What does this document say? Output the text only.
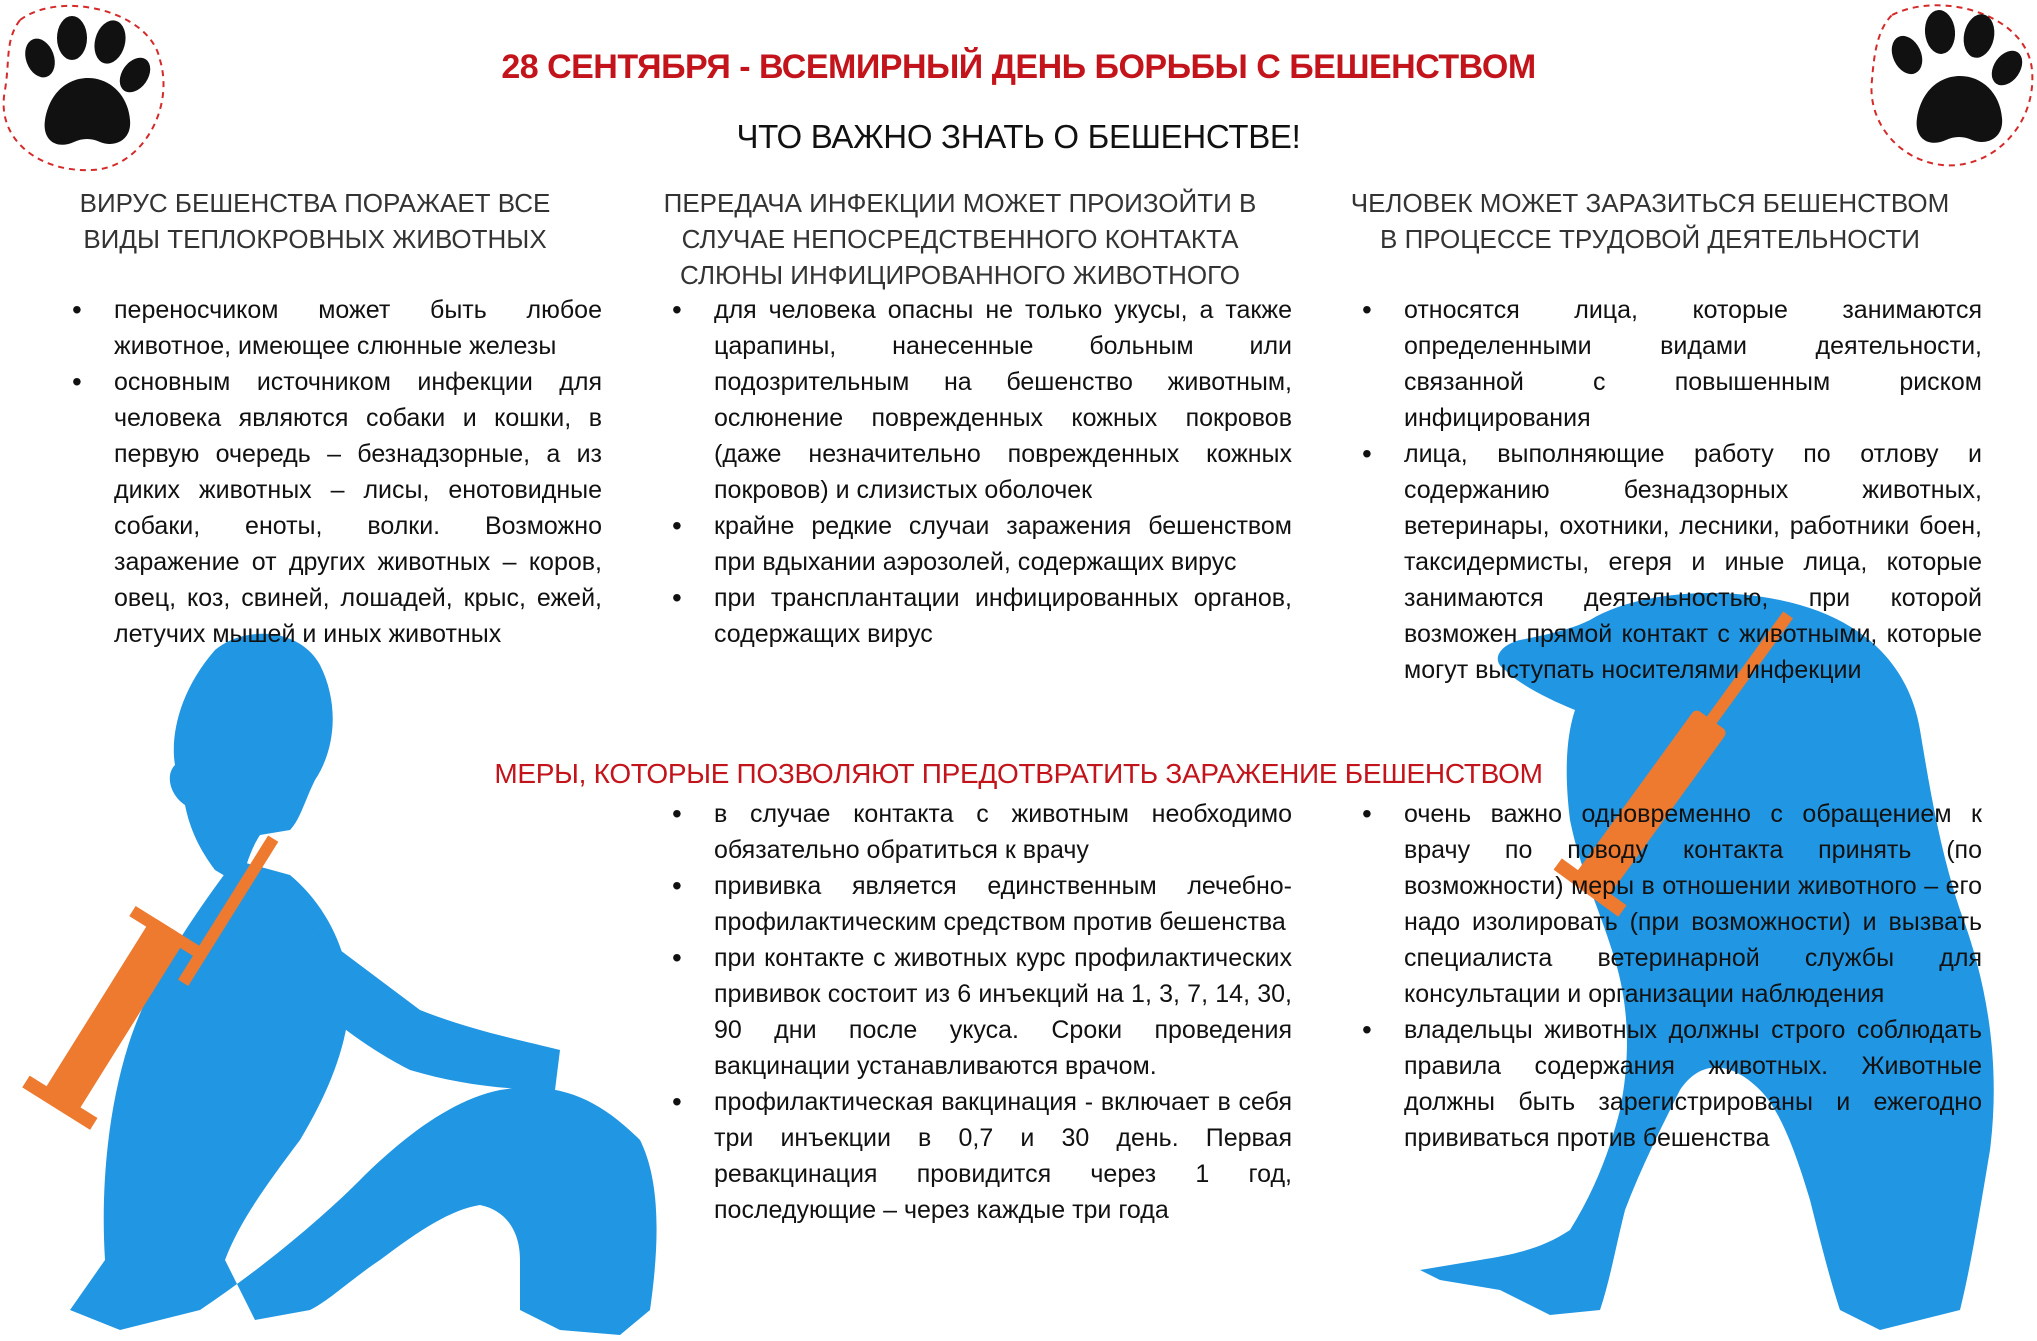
28 СЕНТЯБРЯ - ВСЕМИРНЫЙ ДЕНЬ БОРЬБЫ С БЕШЕНСТВОМ
ЧТО ВАЖНО ЗНАТЬ О БЕШЕНСТВЕ!
ВИРУС БЕШЕНСТВА ПОРАЖАЕТ ВСЕ ВИДЫ ТЕПЛОКРОВНЫХ ЖИВОТНЫХ
• переносчиком может быть любое животное, имеющее слюнные железы
• основным источником инфекции для человека являются собаки и кошки, в первую очередь – безнадзорные, а из диких животных – лисы, енотовидные собаки, еноты, волки. Возможно заражение от других животных – коров, овец, коз, свиней, лошадей, крыс, ежей, летучих мышей и иных животных
ПЕРЕДАЧА ИНФЕКЦИИ МОЖЕТ ПРОИЗОЙТИ В СЛУЧАЕ НЕПОСРЕДСТВЕННОГО КОНТАКТА СЛЮНЫ ИНФИЦИРОВАННОГО ЖИВОТНОГО
• для человека опасны не только укусы, а также царапины, нанесенные больным или подозрительным на бешенство животным, ослюнение поврежденных кожных покровов (даже незначительно поврежденных кожных покровов) и слизистых оболочек
• крайне редкие случаи заражения бешенством при вдыхании аэрозолей, содержащих вирус
• при трансплантации инфицированных органов, содержащих вирус
ЧЕЛОВЕК МОЖЕТ ЗАРАЗИТЬСЯ БЕШЕНСТВОМ В ПРОЦЕССЕ ТРУДОВОЙ ДЕЯТЕЛЬНОСТИ
• относятся лица, которые занимаются определенными видами деятельности, связанной с повышенным риском инфицирования
• лица, выполняющие работу по отлову и содержанию безнадзорных животных, ветеринары, охотники, лесники, работники боен, таксидермисты, егеря и иные лица, которые занимаются деятельностью, при которой возможен прямой контакт с животными, которые могут выступать носителями инфекции
МЕРЫ, КОТОРЫЕ ПОЗВОЛЯЮТ ПРЕДОТВРАТИТЬ ЗАРАЖЕНИЕ БЕШЕНСТВОМ
• в случае контакта с животным необходимо обязательно обратиться к врачу
• прививка является единственным лечебно-профилактическим средством против бешенства
• при контакте с животных курс профилактических прививок состоит из 6 инъекций на 1, 3, 7, 14, 30, 90 дни после укуса. Сроки проведения вакцинации устанавливаются врачом.
• профилактическая вакцинация - включает в себя три инъекции в 0,7 и 30 день. Первая ревакцинация провидится через 1 год, последующие – через каждые три года
• очень важно одновременно с обращением к врачу по поводу контакта принять (по возможности) меры в отношении животного – его надо изолировать (при возможности) и вызвать специалиста ветеринарной службы для консультации и организации наблюдения
• владельцы животных должны строго соблюдать правила содержания животных. Животные должны быть зарегистрированы и ежегодно прививаться против бешенства
